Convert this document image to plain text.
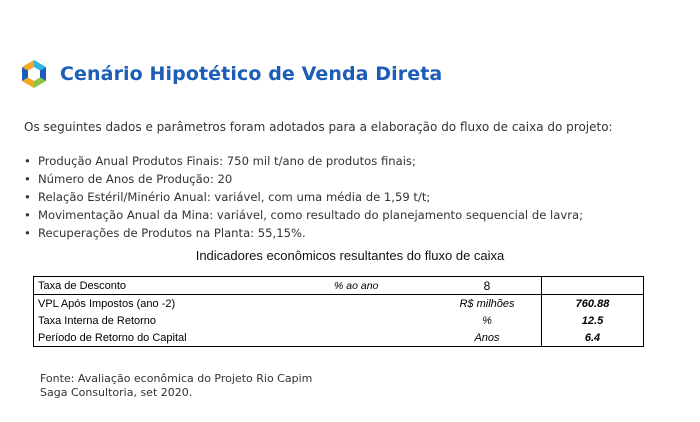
Cenário Hipotético de Venda Direta
Os seguintes dados e parâmetros foram adotados para a elaboração do fluxo de caixa do projeto:
• Produção Anual Produtos Finais: 750 mil t/ano de produtos finais;
• Número de Anos de Produção: 20
• Relação Estéril/Minério Anual: variável, com uma média de 1,59 t/t;
• Movimentação Anual da Mina: variável, como resultado do planejamento sequencial de lavra;
• Recuperações de Produtos na Planta: 55,15%.
Indicadores econômicos resultantes do fluxo de caixa
Taxa de Desconto	% ao ano	8	
VPL Após Impostos (ano -2)		R$ milhões	760.88
Taxa Interna de Retorno		%	12.5
Período de Retorno do Capital		Anos	6.4
Fonte: Avaliação econômica do Projeto Rio Capim
Saga Consultoria, set 2020.
